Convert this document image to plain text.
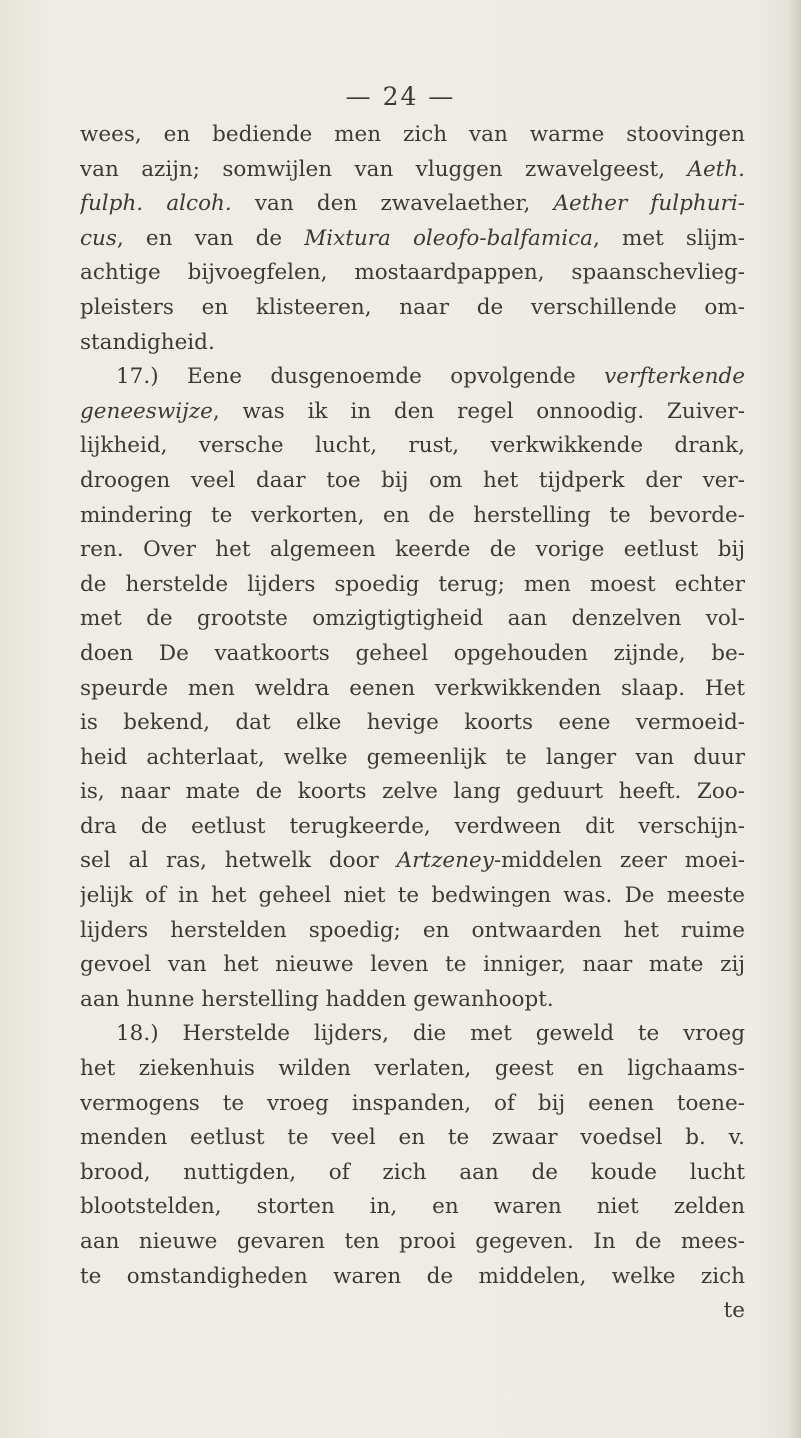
— 24 —
wees, en bediende men zich van warme stoovingen
van azijn; somwijlen van vluggen zwavelgeest, Aeth.
fulph. alcoh. van den zwavelaether, Aether fulphuri-
cus, en van de Mixtura oleofo-balfamica, met slijm-
achtige bijvoegfelen, mostaardpappen, spaanschevlieg-
pleisters en klisteeren, naar de verschillende om-
standigheid.
17.) Eene dusgenoemde opvolgende verfterkende
geneeswijze, was ik in den regel onnoodig. Zuiver-
lijkheid, versche lucht, rust, verkwikkende drank,
droogen veel daar toe bij om het tijdperk der ver-
mindering te verkorten, en de herstelling te bevorde-
ren. Over het algemeen keerde de vorige eetlust bij
de herstelde lijders spoedig terug; men moest echter
met de grootste omzigtigtigheid aan denzelven vol-
doen De vaatkoorts geheel opgehouden zijnde, be-
speurde men weldra eenen verkwikkenden slaap. Het
is bekend, dat elke hevige koorts eene vermoeid-
heid achterlaat, welke gemeenlijk te langer van duur
is, naar mate de koorts zelve lang geduurt heeft. Zoo-
dra de eetlust terugkeerde, verdween dit verschijn-
sel al ras, hetwelk door Artzeney-middelen zeer moei-
jelijk of in het geheel niet te bedwingen was. De meeste
lijders herstelden spoedig; en ontwaarden het ruime
gevoel van het nieuwe leven te inniger, naar mate zij
aan hunne herstelling hadden gewanhoopt.
18.) Herstelde lijders, die met geweld te vroeg
het ziekenhuis wilden verlaten, geest en ligchaams-
vermogens te vroeg inspanden, of bij eenen toene-
menden eetlust te veel en te zwaar voedsel b. v.
brood, nuttigden, of zich aan de koude lucht
blootstelden, storten in, en waren niet zelden
aan nieuwe gevaren ten prooi gegeven. In de mees-
te omstandigheden waren de middelen, welke zich
te
